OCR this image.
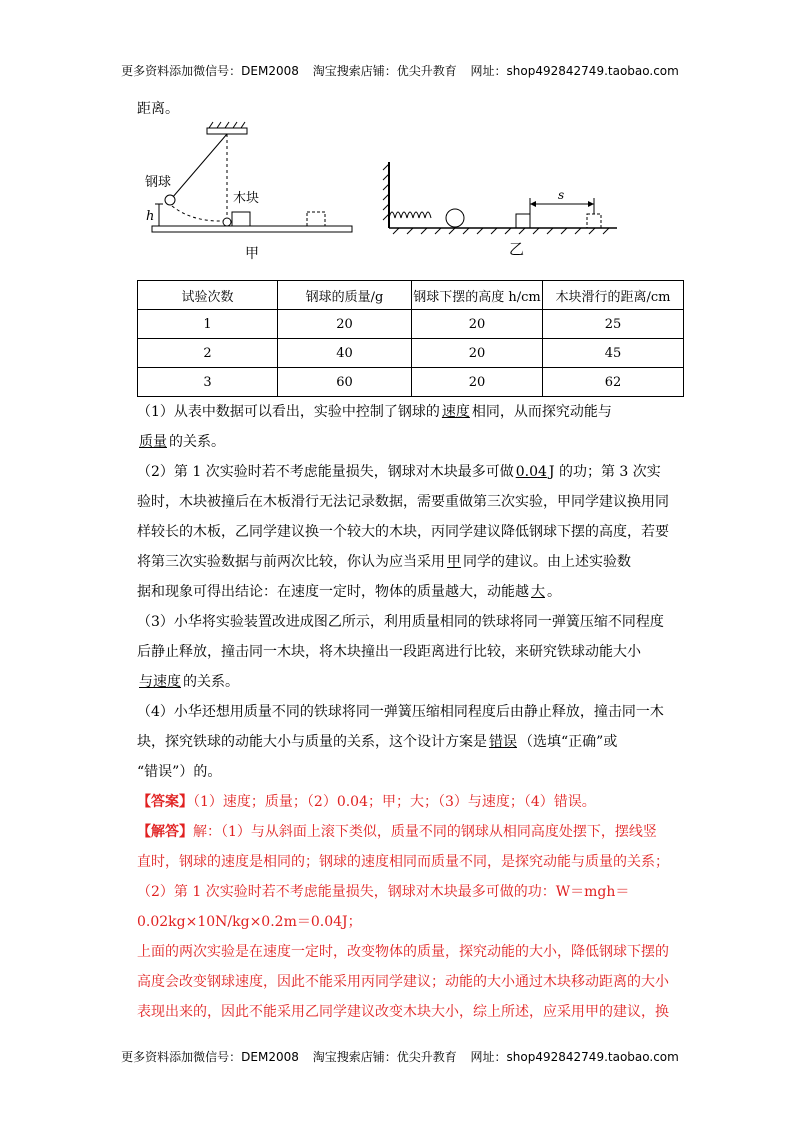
更多资料添加微信号：DEM2008 淘宝搜索店铺：优尖升教育 网址：shop492842749.taobao.com
距离。
钢球
木块
h
甲
s
乙
试验次数	钢球的质量/g	钢球下摆的高度 h/cm	木块滑行的距离/cm
1	20	20	25
2	40	20	45
3	60	20	62
（1）从表中数据可以看出，实验中控制了钢球的 速度 相同，从而探究动能与
质量 的关系。
（2）第 1 次实验时若不考虑能量损失，钢球对木块最多可做 0.04 J 的功；第 3 次实
验时，木块被撞后在木板滑行无法记录数据，需要重做第三次实验，甲同学建议换用同
样较长的木板，乙同学建议换一个较大的木块，丙同学建议降低钢球下摆的高度，若要
将第三次实验数据与前两次比较，你认为应当采用 甲 同学的建议。由上述实验数
据和现象可得出结论：在速度一定时，物体的质量越大，动能越 大 。
（3）小华将实验装置改进成图乙所示，利用质量相同的铁球将同一弹簧压缩不同程度
后静止释放，撞击同一木块，将木块撞出一段距离进行比较，来研究铁球动能大小
与速度 的关系。
（4）小华还想用质量不同的铁球将同一弹簧压缩相同程度后由静止释放，撞击同一木
块，探究铁球的动能大小与质量的关系，这个设计方案是 错误 （选填“正确”或
“错误”）的。
【答案】（1）速度；质量；（2）0.04；甲；大；（3）与速度；（4）错误。
【解答】解：（1）与从斜面上滚下类似，质量不同的钢球从相同高度处摆下，摆线竖
直时，钢球的速度是相同的；钢球的速度相同而质量不同，是探究动能与质量的关系；
（2）第 1 次实验时若不考虑能量损失，钢球对木块最多可做的功：W＝mgh＝
0.02kg×10N/kg×0.2m＝0.04J；
上面的两次实验是在速度一定时，改变物体的质量，探究动能的大小，降低钢球下摆的
高度会改变钢球速度，因此不能采用丙同学建议；动能的大小通过木块移动距离的大小
表现出来的，因此不能采用乙同学建议改变木块大小，综上所述，应采用甲的建议，换
更多资料添加微信号：DEM2008 淘宝搜索店铺：优尖升教育 网址：shop492842749.taobao.com
